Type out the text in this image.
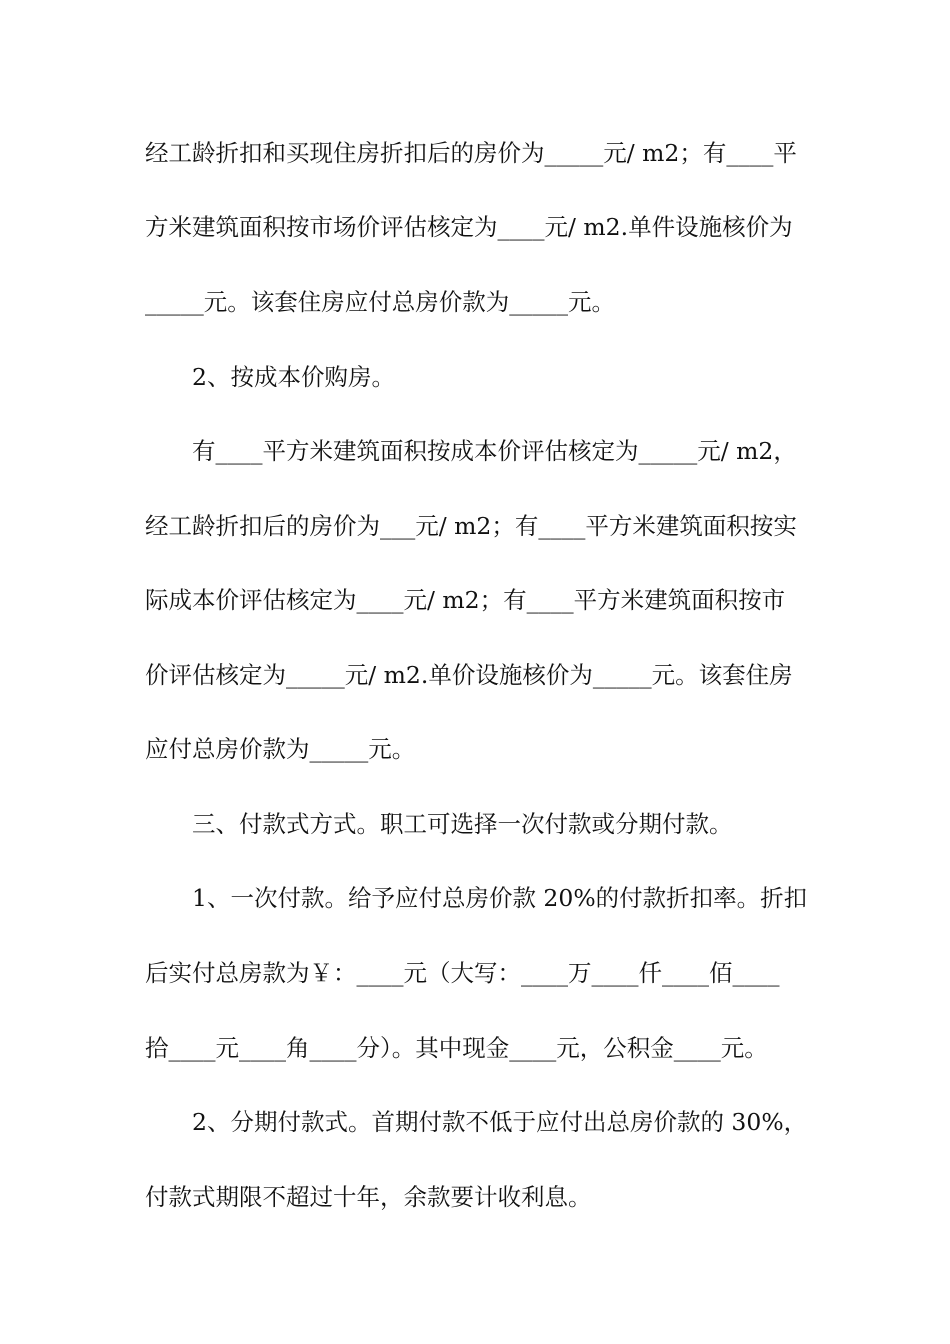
经工龄折扣和买现住房折扣后的房价为_____元/ m2；有____平
方米建筑面积按市场价评估核定为____元/ m2.单件设施核价为
_____元。该套住房应付总房价款为_____元。
2、按成本价购房。
有____平方米建筑面积按成本价评估核定为_____元/ m2，
经工龄折扣后的房价为___元/ m2；有____平方米建筑面积按实
际成本价评估核定为____元/ m2；有____平方米建筑面积按市
价评估核定为_____元/ m2.单价设施核价为_____元。该套住房
应付总房价款为_____元。
三、付款式方式。职工可选择一次付款或分期付款。
1、一次付款。给予应付总房价款 20%的付款折扣率。折扣
后实付总房款为￥：____元（大写：____万____仟____佰____
拾____元____角____分）。其中现金____元，公积金____元。
2、分期付款式。首期付款不低于应付出总房价款的 30%，
付款式期限不超过十年，余款要计收利息。
